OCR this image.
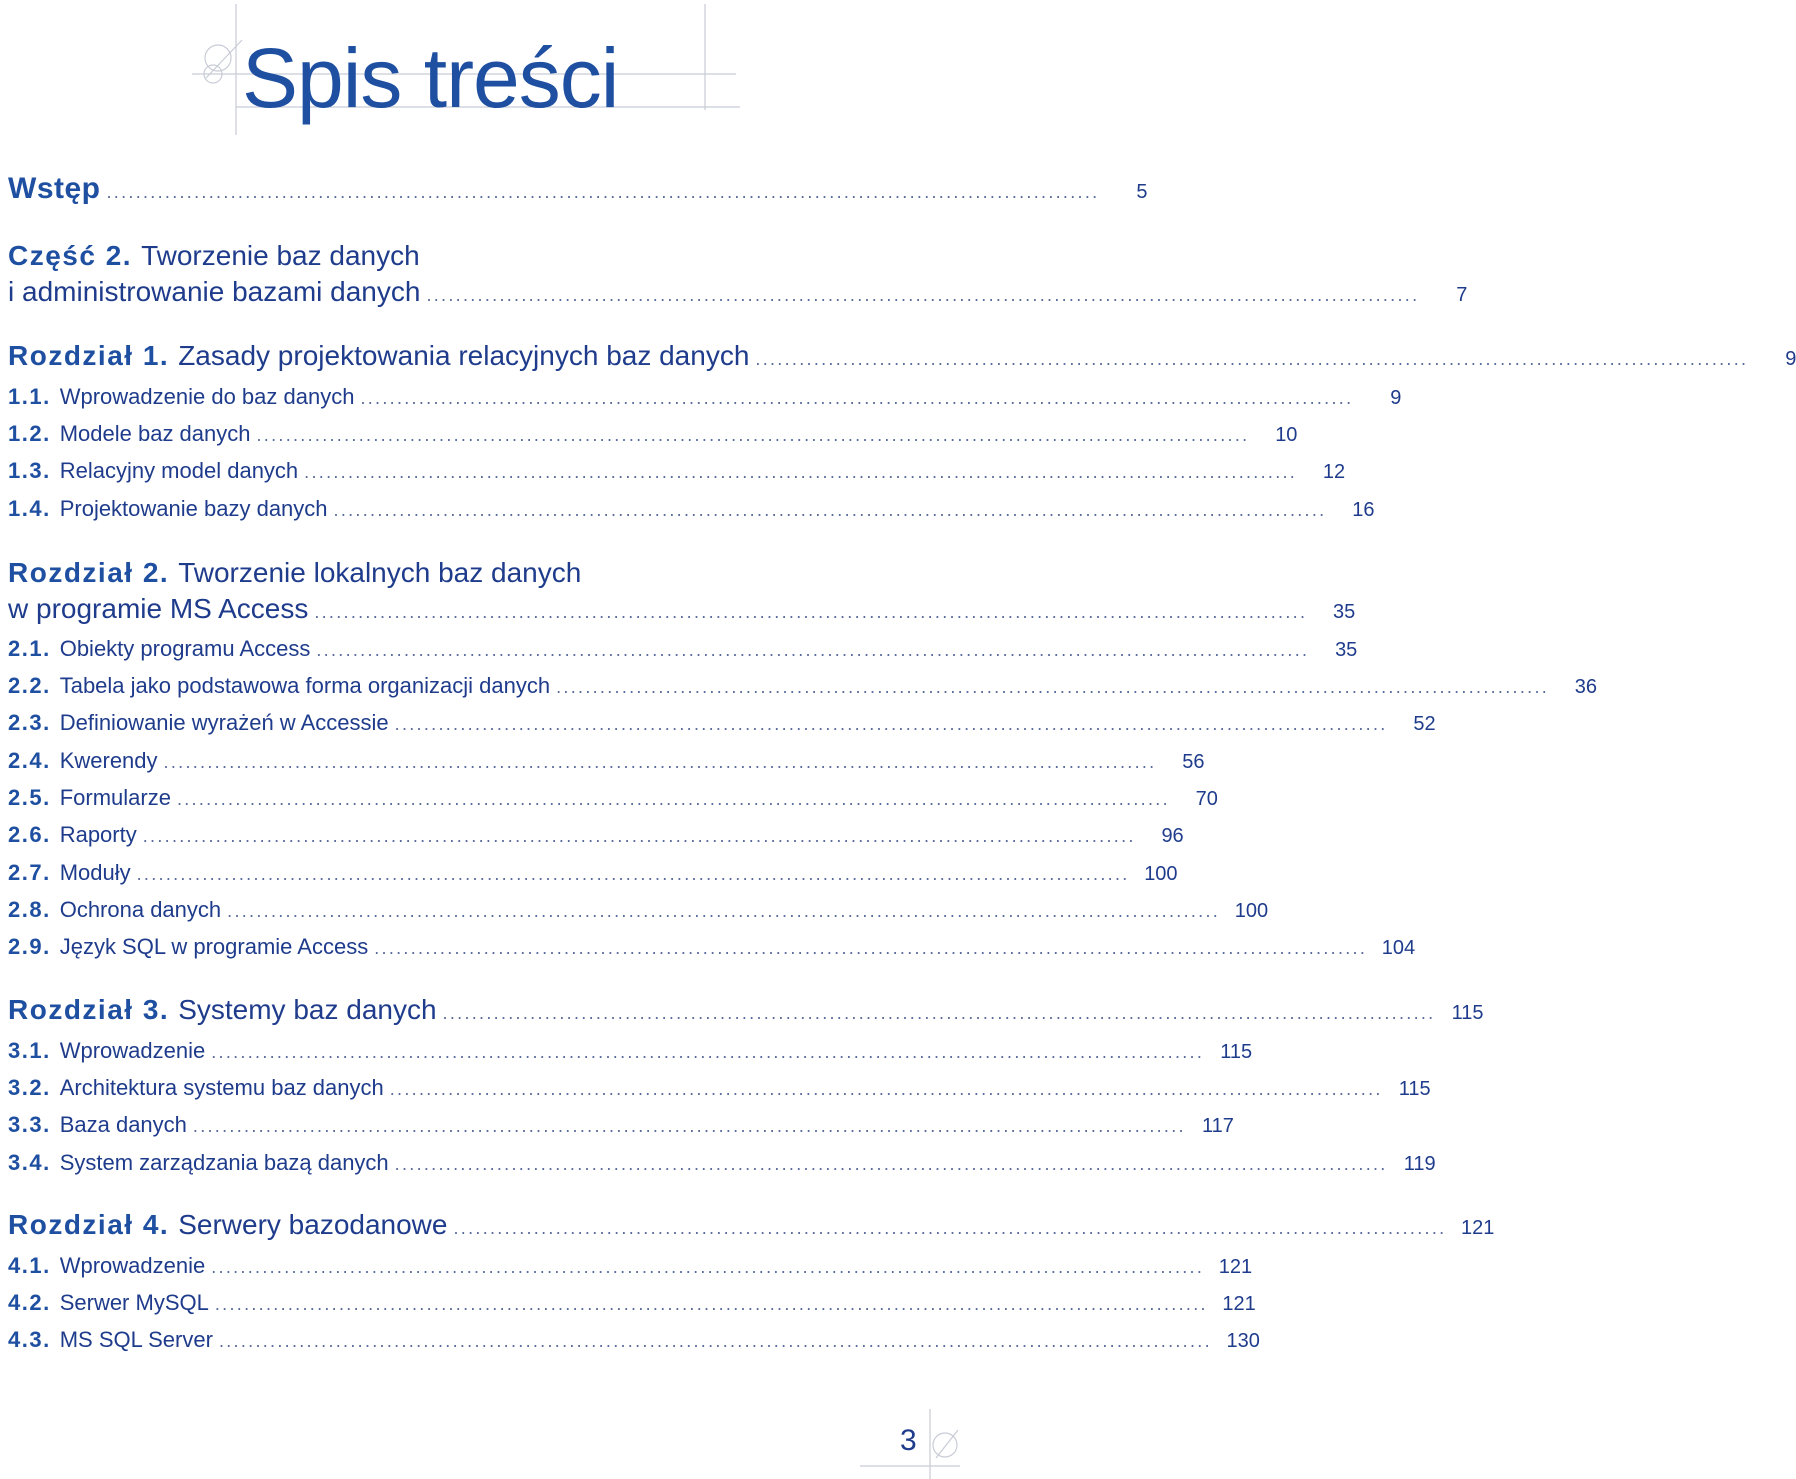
Spis treści
Wstęp ........................................................................................................................................	5
Część 2. Tworzenie baz danych
i administrowanie bazami danych ........................................................................................................................................	7
Rozdział 1. Zasady projektowania relacyjnych baz danych ........................................................................................................................................	9
1.1. Wprowadzenie do baz danych ........................................................................................................................................	9
1.2. Modele baz danych ........................................................................................................................................	10
1.3. Relacyjny model danych ........................................................................................................................................	12
1.4. Projektowanie bazy danych ........................................................................................................................................	16
Rozdział 2. Tworzenie lokalnych baz danych
w programie MS Access ........................................................................................................................................	35
2.1. Obiekty programu Access ........................................................................................................................................	35
2.2. Tabela jako podstawowa forma organizacji danych ........................................................................................................................................	36
2.3. Definiowanie wyrażeń w Accessie ........................................................................................................................................	52
2.4. Kwerendy ........................................................................................................................................	56
2.5. Formularze ........................................................................................................................................	70
2.6. Raporty ........................................................................................................................................	96
2.7. Moduły ........................................................................................................................................ 100
2.8. Ochrona danych ........................................................................................................................................ 100
2.9. Język SQL w programie Access ........................................................................................................................................ 104
Rozdział 3. Systemy baz danych ........................................................................................................................................ 115
3.1. Wprowadzenie ........................................................................................................................................ 115
3.2. Architektura systemu baz danych ........................................................................................................................................ 115
3.3. Baza danych ........................................................................................................................................ 117
3.4. System zarządzania bazą danych ........................................................................................................................................ 119
Rozdział 4. Serwery bazodanowe ........................................................................................................................................ 121
4.1. Wprowadzenie ........................................................................................................................................ 121
4.2. Serwer MySQL ........................................................................................................................................ 121
4.3. MS SQL Server ........................................................................................................................................ 130
3
